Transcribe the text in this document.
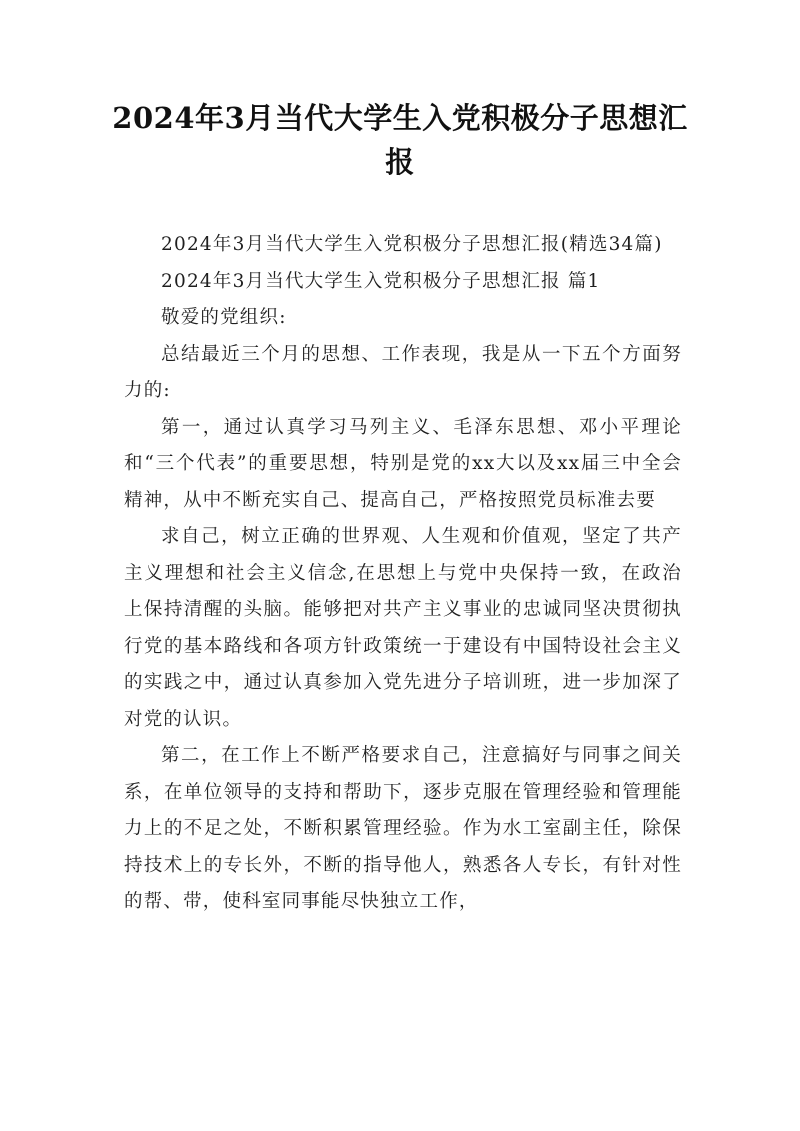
2024年3月当代大学生入党积极分子思想汇报

2024年3月当代大学生入党积极分子思想汇报(精选34篇)

2024年3月当代大学生入党积极分子思想汇报 篇1

敬爱的党组织:

总结最近三个月的思想、工作表现，我是从一下五个方面努力的:

第一，通过认真学习马列主义、毛泽东思想、邓小平理论和“三个代表”的重要思想，特别是党的xx大以及xx届三中全会精神，从中不断充实自己、提高自己，严格按照党员标准去要

求自己，树立正确的世界观、人生观和价值观，坚定了共产主义理想和社会主义信念,在思想上与党中央保持一致，在政治上保持清醒的头脑。能够把对共产主义事业的忠诚同坚决贯彻执行党的基本路线和各项方针政策统一于建设有中国特设社会主义的实践之中，通过认真参加入党先进分子培训班，进一步加深了对党的认识。

第二，在工作上不断严格要求自己，注意搞好与同事之间关系，在单位领导的支持和帮助下，逐步克服在管理经验和管理能力上的不足之处，不断积累管理经验。作为水工室副主任，除保持技术上的专长外，不断的指导他人，熟悉各人专长，有针对性的帮、带，使科室同事能尽快独立工作，
